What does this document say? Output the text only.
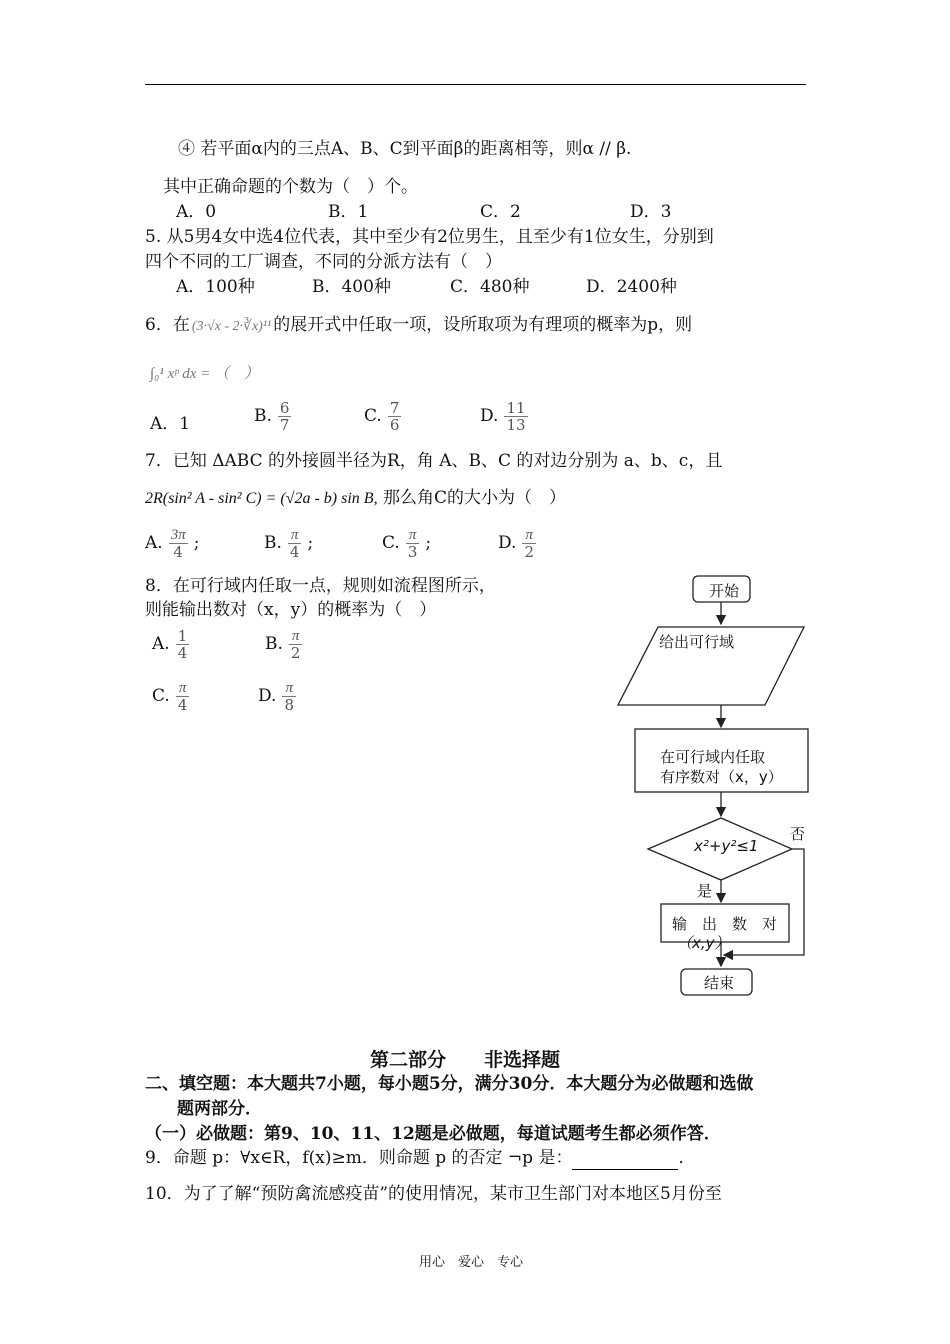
④ 若平面α内的三点A、B、C到平面β的距离相等，则α // β.
其中正确命题的个数为（　）个。
A．0	B．1	C．2	D．3
5. 从5男4女中选4位代表，其中至少有2位男生，且至少有1位女生，分别到
四个不同的工厂调查，不同的分派方法有（　）
A．100种	B．400种	C．480种	D．2400种
6．在 (3·√x - 2·∛x)¹¹ 的展开式中任取一项，设所取项为有理项的概率为p，则
∫₀¹ xᵖ dx = （　）
A．1	B. $\frac{6}{7}$	C. $\frac{7}{6}$	D. $\frac{11}{13}$
7．已知 ΔABC 的外接圆半径为R，角 A、B、C 的对边分别为 a、b、c，且
2R(sin² A - sin² C) = (√2a - b) sin B, 那么角C的大小为（　）
A. $\frac{3\pi}{4}$ ;	B. $\frac{\pi}{4}$ ;	C. $\frac{\pi}{3}$ ;	D. $\frac{\pi}{2}$
8．在可行域内任取一点，规则如流程图所示，
则能输出数对（x，y）的概率为（　）
A. $\frac{1}{4}$	B. $\frac{\pi}{2}$
C. $\frac{\pi}{4}$	D. $\frac{\pi}{8}$
开始
给出可行域
在可行域内任取
有序数对（x，y）
x²+y²≤1
否
是
输　出　数　对
（x,y）
结束
第二部分　　非选择题
二、填空题：本大题共7小题，每小题5分，满分30分．本大题分为必做题和选做
题两部分．
（一）必做题：第9、10、11、12题是必做题，每道试题考生都必须作答．
9．命题 p：∀x∈R，f(x)≥m．则命题 p 的否定 ¬p 是：	．
10．为了了解“预防禽流感疫苗”的使用情况，某市卫生部门对本地区5月份至
用心　爱心　专心
